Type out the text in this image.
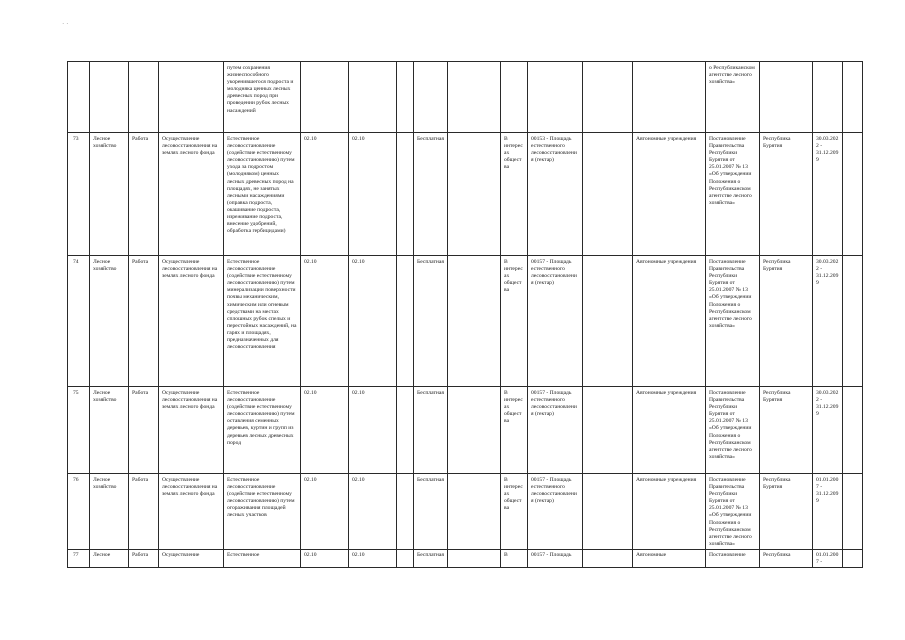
· ·
				путем сохранения жизнеспособного укоренившегося подроста и молодняка ценных лесных древесных пород при проведении рубок лесных насаждений										о Республиканском агентстве лесного хозяйства»			
73	Лесное хозяйство	Работа	Осуществление лесовосстановления на землях лесного фонда	Естественное лесовосстановление (содействие естественному лесовосстановлению) путем ухода за подростом (молодняком) ценных лесных древесных пород на площадях, не занятых лесными насаждениями (оправка подроста, окашивание подроста, изреживание подроста, внесение удобрений, обработка гербицидами)	02.10	02.10		Бесплатная		В интересах общества	00153 - Площадь естественного лесовосстановления (гектар)		Автономные учреждения	Постановление Правительства Республики Бурятия от 25.01.2007 № 13 «Об утверждении Положения о Республиканском агентстве лесного хозяйства»	Республика Бурятия	30.03.2022 - 31.12.2099	
74	Лесное хозяйство	Работа	Осуществление лесовосстановления на землях лесного фонда	Естественное лесовосстановление (содействие естественному лесовосстановлению) путем минерализации поверхности почвы механическим, химическим или огневым средствами на местах сплошных рубок спелых и перестойных насаждений, на гарях и площадях, предназначенных для лесовосстановления	02.10	02.10		Бесплатная		В интересах общества	00157 - Площадь естественного лесовосстановления (гектар)		Автономные учреждения	Постановление Правительства Республики Бурятия от 25.01.2007 № 13 «Об утверждении Положения о Республиканском агентстве лесного хозяйства»	Республика Бурятия	30.03.2022 - 31.12.2099	
75	Лесное хозяйство	Работа	Осуществление лесовосстановления на землях лесного фонда	Естественное лесовосстановление (содействие естественному лесовосстановлению) путем оставления семенных деревьев, куртин и групп из деревьев лесных древесных пород	02.10	02.10		Бесплатная		В интересах общества	00157 - Площадь естественного лесовосстановления (гектар)		Автономные учреждения	Постановление Правительства Республики Бурятия от 25.01.2007 № 13 «Об утверждении Положения о Республиканском агентстве лесного хозяйства»	Республика Бурятия	30.03.2022 - 31.12.2099	
76	Лесное хозяйство	Работа	Осуществление лесовосстановления на землях лесного фонда	Естественное лесовосстановление (содействие естественному лесовосстановлению) путем огораживания площадей лесных участков	02.10	02.10		Бесплатная		В интересах общества	00157 - Площадь естественного лесовосстановления (гектар)		Автономные учреждения	Постановление Правительства Республики Бурятия от 25.01.2007 № 13 «Об утверждении Положения о Республиканском агентстве лесного хозяйства»	Республика Бурятия	01.01.2007 - 31.12.2099	
77	Лесное	Работа	Осуществление	Естественное	02.10	02.10		Бесплатная		В	00157 - Площадь		Автономные	Постановление	Республика	01.01.2007 -	
